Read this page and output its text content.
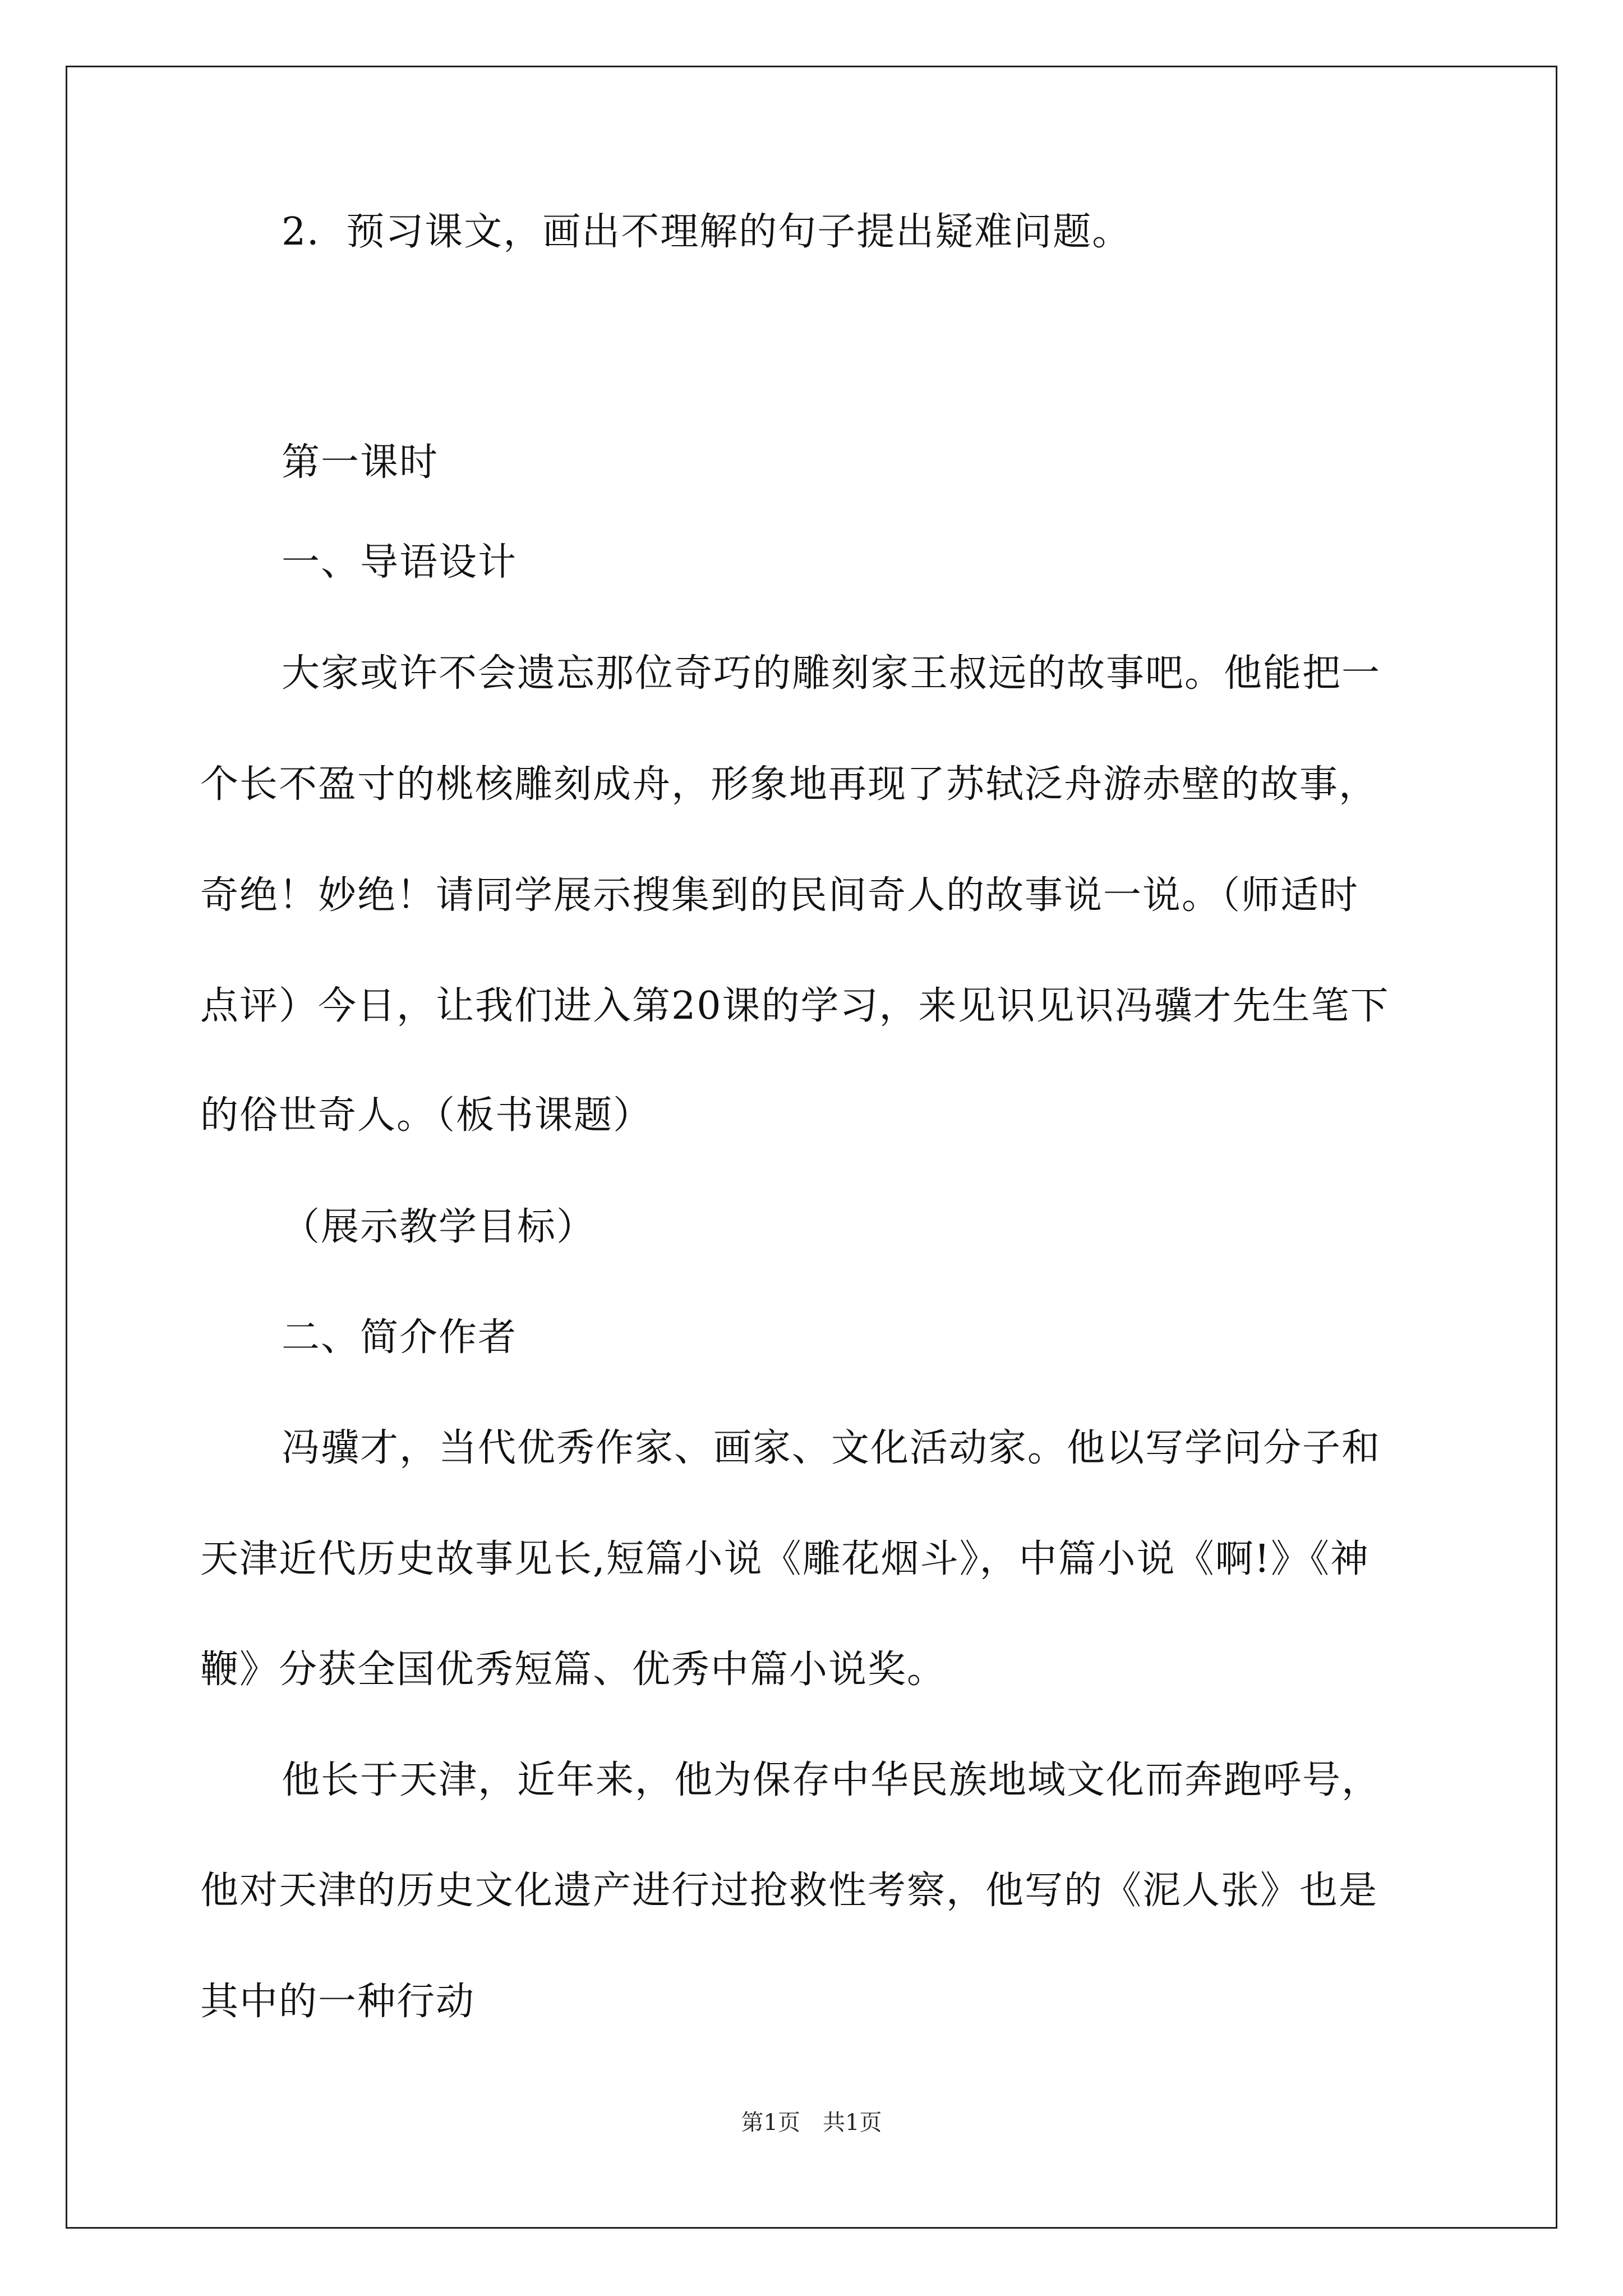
2．预习课文，画出不理解的句子提出疑难问题。
第一课时
一、导语设计
大家或许不会遗忘那位奇巧的雕刻家王叔远的故事吧。他能把一
个长不盈寸的桃核雕刻成舟，形象地再现了苏轼泛舟游赤壁的故事，
奇绝！妙绝！请同学展示搜集到的民间奇人的故事说一说。（师适时
点评）今日，让我们进入第20课的学习，来见识见识冯骥才先生笔下
的俗世奇人。（板书课题）
（展示教学目标）
二、简介作者
冯骥才，当代优秀作家、画家、文化活动家。他以写学问分子和
天津近代历史故事见长,短篇小说《雕花烟斗》，中篇小说《啊!》《神
鞭》分获全国优秀短篇、优秀中篇小说奖。
他长于天津，近年来，他为保存中华民族地域文化而奔跑呼号，
他对天津的历史文化遗产进行过抢救性考察，他写的《泥人张》也是
其中的一种行动
第1页　共1页
